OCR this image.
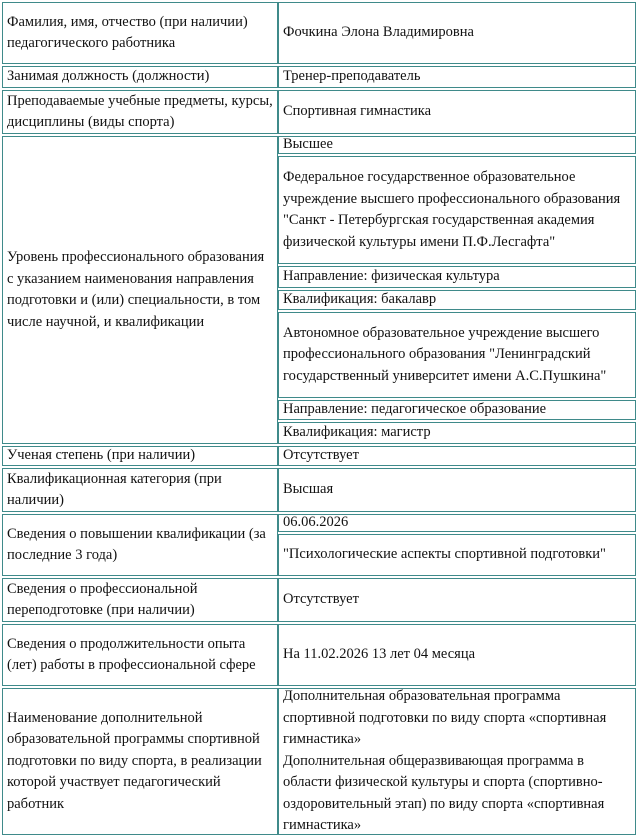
Фамилия, имя, отчество (при наличии) педагогического работника
Фочкина Элона Владимировна
Занимая должность (должности)	Тренер-преподаватель
Преподаваемые учебные предметы, курсы, дисциплины (виды спорта)
Спортивная гимнастика
Уровень профессионального образования с указанием наименования направления подготовки и (или) специальности, в том числе научной, и квалификации
Высшее
Федеральное государственное образовательное учреждение высшего профессионального образования "Санкт - Петербургская государственная академия физической культуры имени П.Ф.Лесгафта"
Направление: физическая культура
Квалификация: бакалавр
Автономное образовательное учреждение высшего профессионального образования "Ленинградский государственный университет имени А.С.Пушкина"
Направление: педагогическое образование
Квалификация: магистр
Ученая степень (при наличии)	Отсутствует
Квалификационная категория (при наличии)
Высшая
Сведения о повышении квалификации (за последние 3 года)
06.06.2026
"Психологические аспекты спортивной подготовки"
Сведения о профессиональной переподготовке (при наличии)
Отсутствует
Сведения о продолжительности опыта (лет) работы в профессиональной сфере
На 11.02.2026 13 лет 04 месяца
Наименование дополнительной образовательной программы спортивной подготовки по виду спорта, в реализации которой участвует педагогический работник
Дополнительная образовательная программа спортивной подготовки по виду спорта «спортивная гимнастика»
Дополнительная общеразвивающая программа в области физической культуры и спорта (спортивно-оздоровительный этап) по виду спорта «спортивная гимнастика»
